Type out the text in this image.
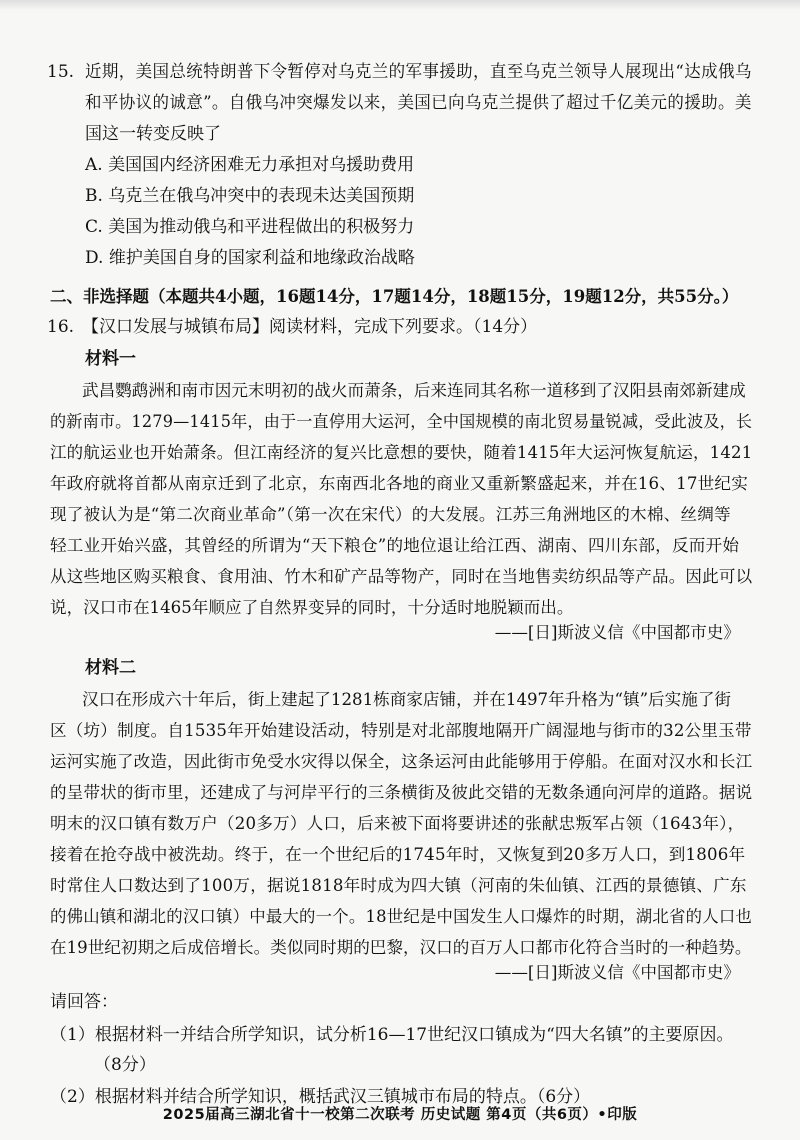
15. 近期，美国总统特朗普下令暂停对乌克兰的军事援助，直至乌克兰领导人展现出“达成俄乌
和平协议的诚意”。自俄乌冲突爆发以来，美国已向乌克兰提供了超过千亿美元的援助。美
国这一转变反映了
A. 美国国内经济困难无力承担对乌援助费用
B. 乌克兰在俄乌冲突中的表现未达美国预期
C. 美国为推动俄乌和平进程做出的积极努力
D. 维护美国自身的国家利益和地缘政治战略
二、非选择题（本题共4小题，16题14分，17题14分，18题15分，19题12分，共55分。）
16. 【汉口发展与城镇布局】阅读材料，完成下列要求。（14分）
材料一
武昌鹦鹉洲和南市因元末明初的战火而萧条，后来连同其名称一道移到了汉阳县南郊新建成
的新南市。1279—1415年，由于一直停用大运河，全中国规模的南北贸易量锐减，受此波及，长
江的航运业也开始萧条。但江南经济的复兴比意想的要快，随着1415年大运河恢复航运，1421
年政府就将首都从南京迁到了北京，东南西北各地的商业又重新繁盛起来，并在16、17世纪实
现了被认为是“第二次商业革命”（第一次在宋代）的大发展。江苏三角洲地区的木棉、丝绸等
轻工业开始兴盛，其曾经的所谓为“天下粮仓”的地位退让给江西、湖南、四川东部，反而开始
从这些地区购买粮食、食用油、竹木和矿产品等物产，同时在当地售卖纺织品等产品。因此可以
说，汉口市在1465年顺应了自然界变异的同时，十分适时地脱颖而出。
——[日]斯波义信《中国都市史》
材料二
汉口在形成六十年后，街上建起了1281栋商家店铺，并在1497年升格为“镇”后实施了街
区（坊）制度。自1535年开始建设活动，特别是对北部腹地隔开广阔湿地与街市的32公里玉带
运河实施了改造，因此街市免受水灾得以保全，这条运河由此能够用于停船。在面对汉水和长江
的呈带状的街市里，还建成了与河岸平行的三条横街及彼此交错的无数条通向河岸的道路。据说
明末的汉口镇有数万户（20多万）人口，后来被下面将要讲述的张献忠叛军占领（1643年），
接着在抢夺战中被洗劫。终于，在一个世纪后的1745年时，又恢复到20多万人口，到1806年
时常住人口数达到了100万，据说1818年时成为四大镇（河南的朱仙镇、江西的景德镇、广东
的佛山镇和湖北的汉口镇）中最大的一个。18世纪是中国发生人口爆炸的时期，湖北省的人口也
在19世纪初期之后成倍增长。类似同时期的巴黎，汉口的百万人口都市化符合当时的一种趋势。
——[日]斯波义信《中国都市史》
请回答：
（1）根据材料一并结合所学知识，试分析16—17世纪汉口镇成为“四大名镇”的主要原因。
（8分）
（2）根据材料并结合所学知识，概括武汉三镇城市布局的特点。（6分）
2025届高三湖北省十一校第二次联考 历史试题 第4页（共6页）•印版
